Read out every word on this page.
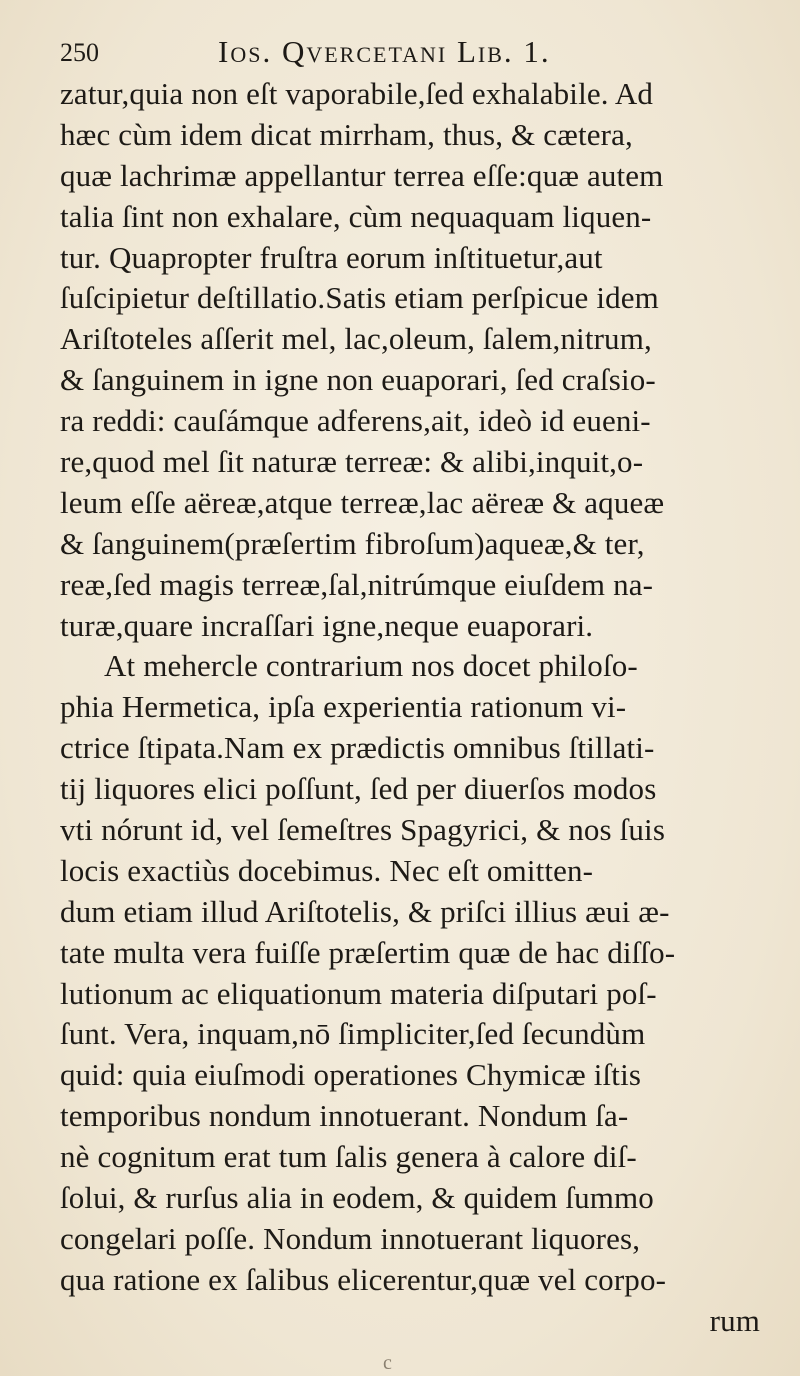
250	Ios. Qvercetani Lib. 1.
zatur,quia non eſt vaporabile,ſed exhalabile. Ad
hæc cùm idem dicat mirrham, thus, & cætera,
quæ lachrimæ appellantur terrea eſſe:quæ autem
talia ſint non exhalare, cùm nequaquam liquen-
tur. Quapropter fruſtra eorum inſtituetur,aut
ſuſcipietur deſtillatio.Satis etiam perſpicue idem
Ariſtoteles aſſerit mel, lac,oleum, ſalem,nitrum,
& ſanguinem in igne non euaporari, ſed craſsio-
ra reddi: cauſámque adferens,ait, ideò id eueni-
re,quod mel ſit naturæ terreæ: & alibi,inquit,o-
leum eſſe aëreæ,atque terreæ,lac aëreæ & aqueæ
& ſanguinem(præſertim fibroſum)aqueæ,& ter,
reæ,ſed magis terreæ,ſal,nitrúmque eiuſdem na-
turæ,quare incraſſari igne,neque euaporari.
At mehercle contrarium nos docet philoſo-
phia Hermetica, ipſa experientia rationum vi-
ctrice ſtipata.Nam ex prædictis omnibus ſtillati-
tij liquores elici poſſunt, ſed per diuerſos modos
vti nórunt id, vel ſemeſtres Spagyrici, & nos ſuis
locis exactiùs docebimus. Nec eſt omitten-
dum etiam illud Ariſtotelis, & priſci illius æui æ-
tate multa vera fuiſſe præſertim quæ de hac diſſo-
lutionum ac eliquationum materia diſputari poſ-
ſunt. Vera, inquam,nō ſimpliciter,ſed ſecundùm
quid: quia eiuſmodi operationes Chymicæ iſtis
temporibus nondum innotuerant. Nondum ſa-
nè cognitum erat tum ſalis genera à calore diſ-
ſolui, & rurſus alia in eodem, & quidem ſummo
congelari poſſe. Nondum innotuerant liquores,
qua ratione ex ſalibus elicerentur,quæ vel corpo-
rum
c
